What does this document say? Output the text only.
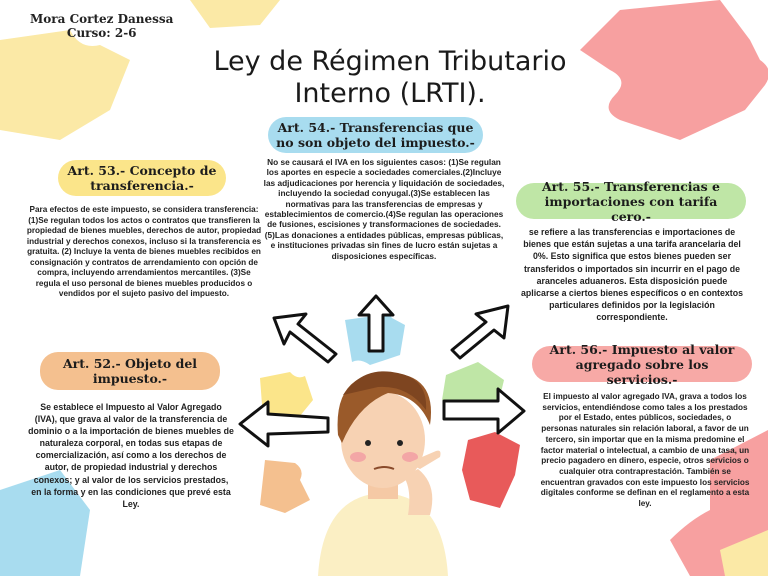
Mora Cortez Danessa
Curso: 2-6
Ley de Régimen Tributario
Interno (LRTI).
Art. 54.- Transferencias que no son objeto del impuesto.-
No se causará el IVA en los siguientes casos: (1)Se regulan los aportes en especie a sociedades comerciales.(2)Incluye las adjudicaciones por herencia y liquidación de sociedades, incluyendo la sociedad conyugal.(3)Se establecen las normativas para las transferencias de empresas y establecimientos de comercio.(4)Se regulan las operaciones de fusiones, escisiones y transformaciones de sociedades.(5)Las donaciones a entidades públicas, empresas públicas, e instituciones privadas sin fines de lucro están sujetas a disposiciones específicas.
Art. 53.- Concepto de transferencia.-
Para efectos de este impuesto, se considera transferencia: (1)Se regulan todos los actos o contratos que transfieren la propiedad de bienes muebles, derechos de autor, propiedad industrial y derechos conexos, incluso si la transferencia es gratuita. (2) Incluye la venta de bienes muebles recibidos en consignación y contratos de arrendamiento con opción de compra, incluyendo arrendamientos mercantiles. (3)Se regula el uso personal de bienes muebles producidos o vendidos por el sujeto pasivo del impuesto.
Art. 55.- Transferencias e importaciones con tarifa cero.-
se refiere a las transferencias e importaciones de bienes que están sujetas a una tarifa arancelaria del 0%. Esto significa que estos bienes pueden ser transferidos o importados sin incurrir en el pago de aranceles aduaneros. Esta disposición puede aplicarse a ciertos bienes específicos o en contextos particulares definidos por la legislación correspondiente.
Art. 52.- Objeto del impuesto.-
Se establece el Impuesto al Valor Agregado (IVA), que grava al valor de la transferencia de dominio o a la importación de bienes muebles de naturaleza corporal, en todas sus etapas de comercialización, así como a los derechos de autor, de propiedad industrial y derechos conexos; y al valor de los servicios prestados, en la forma y en las condiciones que prevé esta Ley.
Art. 56.- Impuesto al valor agregado sobre los servicios.-
El impuesto al valor agregado IVA, grava a todos los servicios, entendiéndose como tales a los prestados por el Estado, entes públicos, sociedades, o personas naturales sin relación laboral, a favor de un tercero, sin importar que en la misma predomine el factor material o intelectual, a cambio de una tasa, un precio pagadero en dinero, especie, otros servicios o cualquier otra contraprestación. También se encuentran gravados con este impuesto los servicios digitales conforme se definan en el reglamento a esta ley.
